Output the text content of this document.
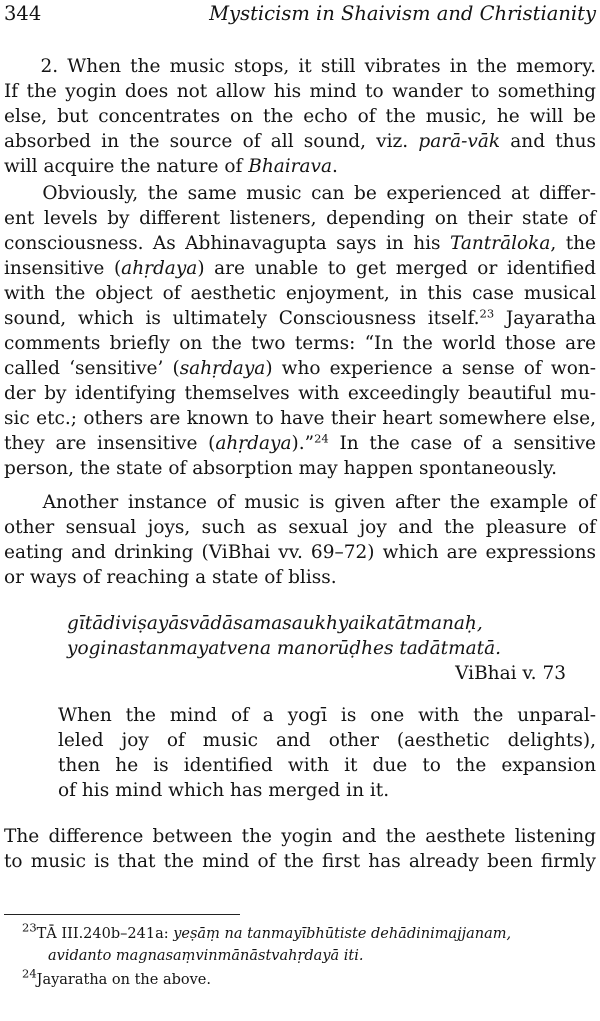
344	Mysticism in Shaivism and Christianity
2. When the music stops, it still vibrates in the memory.
If the yogin does not allow his mind to wander to something
else, but concentrates on the echo of the music, he will be
absorbed in the source of all sound, viz. parā-vāk and thus
will acquire the nature of Bhairava.
Obviously, the same music can be experienced at differ-
ent levels by different listeners, depending on their state of
consciousness. As Abhinavagupta says in his Tantrāloka, the
insensitive (ahṛdaya) are unable to get merged or identified
with the object of aesthetic enjoyment, in this case musical
sound, which is ultimately Consciousness itself.$^{23}$ Jayaratha
comments briefly on the two terms: “In the world those are
called ‘sensitive’ (sahṛdaya) who experience a sense of won-
der by identifying themselves with exceedingly beautiful mu-
sic etc.; others are known to have their heart somewhere else,
they are insensitive (ahṛdaya).”$^{24}$ In the case of a sensitive
person, the state of absorption may happen spontaneously.
Another instance of music is given after the example of
other sensual joys, such as sexual joy and the pleasure of
eating and drinking (ViBhai vv. 69–72) which are expressions
or ways of reaching a state of bliss.
gītādiviṣayāsvādāsamasaukhyaikatātmanaḥ,
yoginastanmayatvena manorūḍhes tadātmatā.
ViBhai v. 73
When the mind of a yogī is one with the unparal-
leled joy of music and other (aesthetic delights),
then he is identified with it due to the expansion
of his mind which has merged in it.
The difference between the yogin and the aesthete listening
to music is that the mind of the first has already been firmly
$^{23}$TĀ III.240b–241a: yeṣāṃ na tanmayībhūtiste dehādinimajjanam,
avidanto magnasaṃvinmānāstvahṛdayā iti.
$^{24}$Jayaratha on the above.
